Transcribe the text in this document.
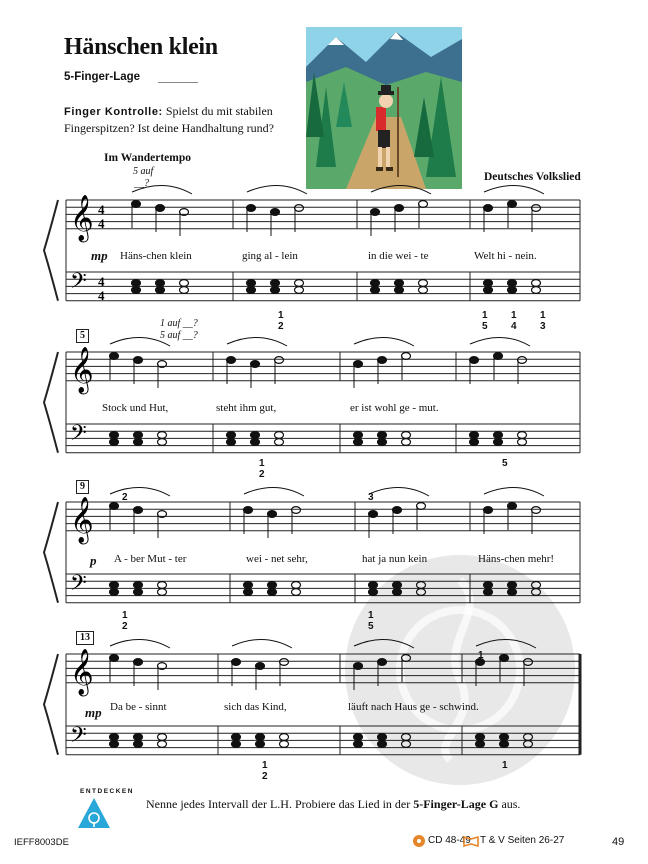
Hänschen klein
5-Finger-Lage
Finger Kontrolle: Spielst du mit stabilen Fingerspitzen? Ist deine Handhaltung rund?
Im Wandertempo
Deutsches Volkslied
5 auf
__?
𝄞
𝄢
4
4
4
4
𝄞
𝄢
𝄞
𝄢
𝄞
𝄢
5
9
13
mp
p
mp
1 auf __?
5 auf __?
Häns-chen klein	ging al - lein	in die wei - te	Welt hi - nein.
Stock und Hut,	steht ihm gut,	er ist wohl ge - mut.
A - ber Mut - ter	wei - net sehr,	hat ja nun kein	Häns-chen mehr!
Da be - sinnt	sich das Kind,	läuft nach Haus ge - schwind.
1
2
1
5
1
4
1
3
1
2
5
2	3
1
2
1
5
1
2
1
1
ENTDECKEN
Nenne jedes Intervall der L.H. Probiere das Lied in der 5-Finger-Lage G aus.
IEFF8003DE	CD 48-49 T & V Seiten 26-27	49
